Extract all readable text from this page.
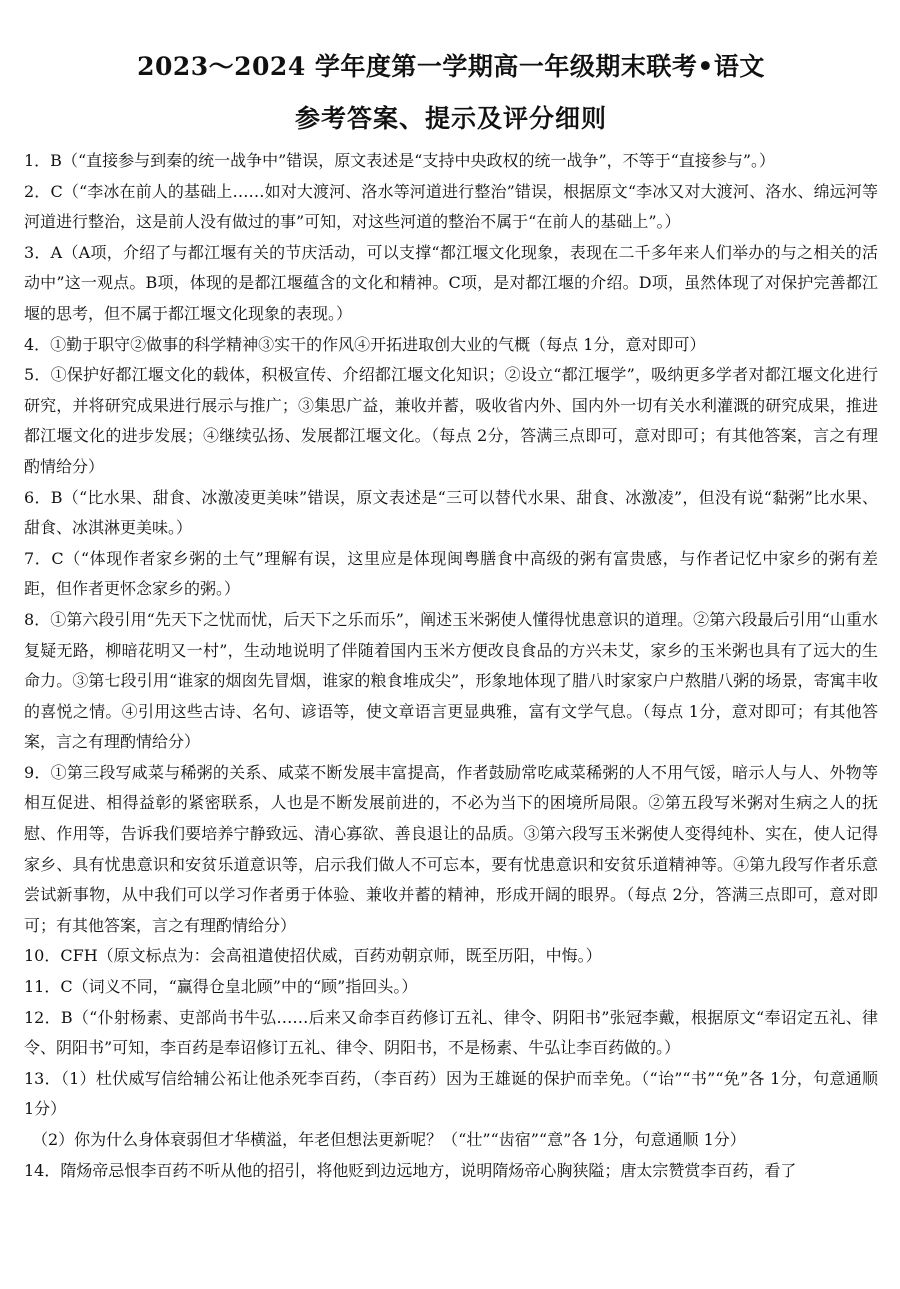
2023～2024 学年度第一学期高一年级期末联考•语文
参考答案、提示及评分细则

1．B（“直接参与到秦的统一战争中”错误，原文表述是“支持中央政权的统一战争”，不等于“直接参与”。）

2．C（“李冰在前人的基础上……如对大渡河、洛水等河道进行整治”错误，根据原文“李冰又对大渡河、洛水、绵远河等河道进行整治，这是前人没有做过的事”可知，对这些河道的整治不属于“在前人的基础上”。）

3．A（A项，介绍了与都江堰有关的节庆活动，可以支撑“都江堰文化现象，表现在二千多年来人们举办的与之相关的活动中”这一观点。B项，体现的是都江堰蕴含的文化和精神。C项，是对都江堰的介绍。D项，虽然体现了对保护完善都江堰的思考，但不属于都江堰文化现象的表现。）

4．①勤于职守②做事的科学精神③实干的作风④开拓进取创大业的气概（每点 1分，意对即可）

5．①保护好都江堰文化的载体，积极宣传、介绍都江堰文化知识；②设立“都江堰学”，吸纳更多学者对都江堰文化进行研究，并将研究成果进行展示与推广；③集思广益，兼收并蓄，吸收省内外、国内外一切有关水利灌溉的研究成果，推进都江堰文化的进步发展；④继续弘扬、发展都江堰文化。（每点 2分，答满三点即可，意对即可；有其他答案，言之有理酌情给分）

6．B（“比水果、甜食、冰激凌更美味”错误，原文表述是“三可以替代水果、甜食、冰激凌”，但没有说“黏粥”比水果、甜食、冰淇淋更美味。）

7．C（“体现作者家乡粥的土气”理解有误，这里应是体现闽粤膳食中高级的粥有富贵感，与作者记忆中家乡的粥有差距，但作者更怀念家乡的粥。）

8．①第六段引用“先天下之忧而忧，后天下之乐而乐”，阐述玉米粥使人懂得忧患意识的道理。②第六段最后引用“山重水复疑无路，柳暗花明又一村”，生动地说明了伴随着国内玉米方便改良食品的方兴未艾，家乡的玉米粥也具有了远大的生命力。③第七段引用“谁家的烟囱先冒烟，谁家的粮食堆成尖”，形象地体现了腊八时家家户户熬腊八粥的场景，寄寓丰收的喜悦之情。④引用这些古诗、名句、谚语等，使文章语言更显典雅，富有文学气息。（每点 1分，意对即可；有其他答案，言之有理酌情给分）

9．①第三段写咸菜与稀粥的关系、咸菜不断发展丰富提高，作者鼓励常吃咸菜稀粥的人不用气馁，暗示人与人、外物等相互促进、相得益彰的紧密联系，人也是不断发展前进的，不必为当下的困境所局限。②第五段写米粥对生病之人的抚慰、作用等，告诉我们要培养宁静致远、清心寡欲、善良退让的品质。③第六段写玉米粥使人变得纯朴、实在，使人记得家乡、具有忧患意识和安贫乐道意识等，启示我们做人不可忘本，要有忧患意识和安贫乐道精神等。④第九段写作者乐意尝试新事物，从中我们可以学习作者勇于体验、兼收并蓄的精神，形成开阔的眼界。（每点 2分，答满三点即可，意对即可；有其他答案，言之有理酌情给分）

10．CFH（原文标点为：会高祖遣使招伏威，百药劝朝京师，既至历阳，中悔。）

11．C（词义不同，“赢得仓皇北顾”中的“顾”指回头。）

12．B（“仆射杨素、吏部尚书牛弘……后来又命李百药修订五礼、律令、阴阳书”张冠李戴，根据原文“奉诏定五礼、律令、阴阳书”可知，李百药是奉诏修订五礼、律令、阴阳书，不是杨素、牛弘让李百药做的。）

13．（1）杜伏威写信给辅公祏让他杀死李百药，（李百药）因为王雄诞的保护而幸免。（“诒”“书”“免”各 1分，句意通顺 1分）

（2）你为什么身体衰弱但才华横溢，年老但想法更新呢？（“壮”“齿宿”“意”各 1分，句意通顺 1分）

14．隋炀帝忌恨李百药不听从他的招引，将他贬到边远地方，说明隋炀帝心胸狭隘；唐太宗赞赏李百药，看了
